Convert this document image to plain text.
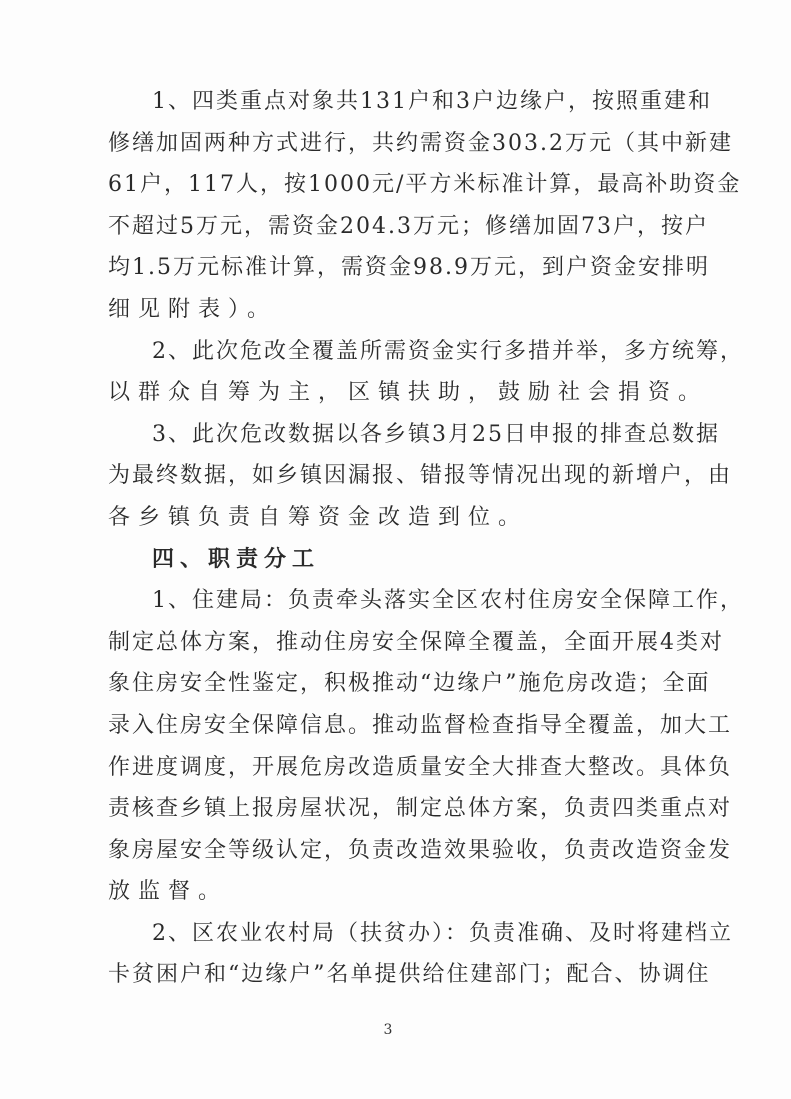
1、四类重点对象共131户和3户边缘户，按照重建和
修缮加固两种方式进行，共约需资金303.2万元（其中新建
61户，117人，按1000元/平方米标准计算，最高补助资金
不超过5万元，需资金204.3万元；修缮加固73户，按户
均1.5万元标准计算，需资金98.9万元，到户资金安排明
细见附表）。
2、此次危改全覆盖所需资金实行多措并举，多方统筹，
以群众自筹为主，区镇扶助，鼓励社会捐资。
3、此次危改数据以各乡镇3月25日申报的排查总数据
为最终数据，如乡镇因漏报、错报等情况出现的新增户，由
各乡镇负责自筹资金改造到位。
四、职责分工
1、住建局：负责牵头落实全区农村住房安全保障工作，
制定总体方案，推动住房安全保障全覆盖，全面开展4类对
象住房安全性鉴定，积极推动“边缘户”施危房改造；全面
录入住房安全保障信息。推动监督检查指导全覆盖，加大工
作进度调度，开展危房改造质量安全大排查大整改。具体负
责核查乡镇上报房屋状况，制定总体方案，负责四类重点对
象房屋安全等级认定，负责改造效果验收，负责改造资金发
放监督。
2、区农业农村局（扶贫办）：负责准确、及时将建档立
卡贫困户和“边缘户”名单提供给住建部门；配合、协调住
3
